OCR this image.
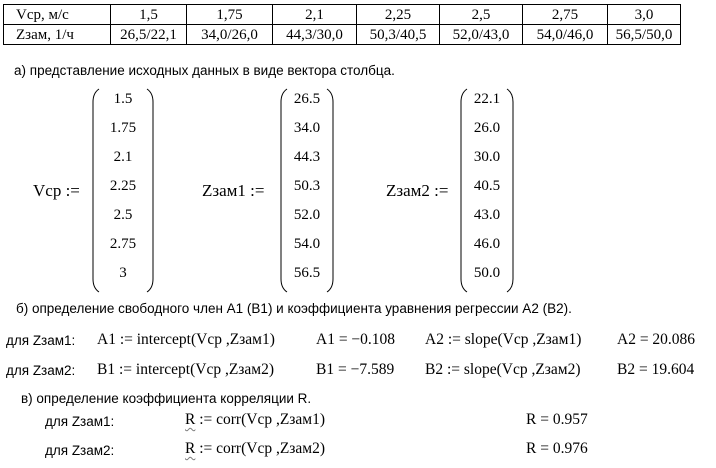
Vcp, м/с	1,5	1,75	2,1	2,25	2,5	2,75	3,0
Zзам, 1/ч	26,5/22,1	34,0/26,0	44,3/30,0	50,3/40,5	52,0/43,0	54,0/46,0	56,5/50,0
а) представление исходных данных в виде вектора столбца.
Vcp :=
1.5
1.75
2.1
2.25
2.5
2.75
3
Zзам1 :=
26.5
34.0
44.3
50.3
52.0
54.0
56.5
Zзам2 :=
22.1
26.0
30.0
40.5
43.0
46.0
50.0
б) определение свободного член А1 (В1) и коэффициента уравнения регрессии А2 (В2).
для Zзам1: A1 := intercept(Vcp ,Zзам1)	A1 = −0.108 A2 := slope(Vcp ,Zзам1) A2 = 20.086
для Zзам2: B1 := intercept(Vcp ,Zзам2)	B1 = −7.589 B2 := slope(Vcp ,Zзам2) B2 = 19.604
в) определение коэффициента корреляции R.
для Zзам1:	R := corr(Vcp ,Zзам1)	R = 0.957
для Zзам2:	R := corr(Vcp ,Zзам2)	R = 0.976
